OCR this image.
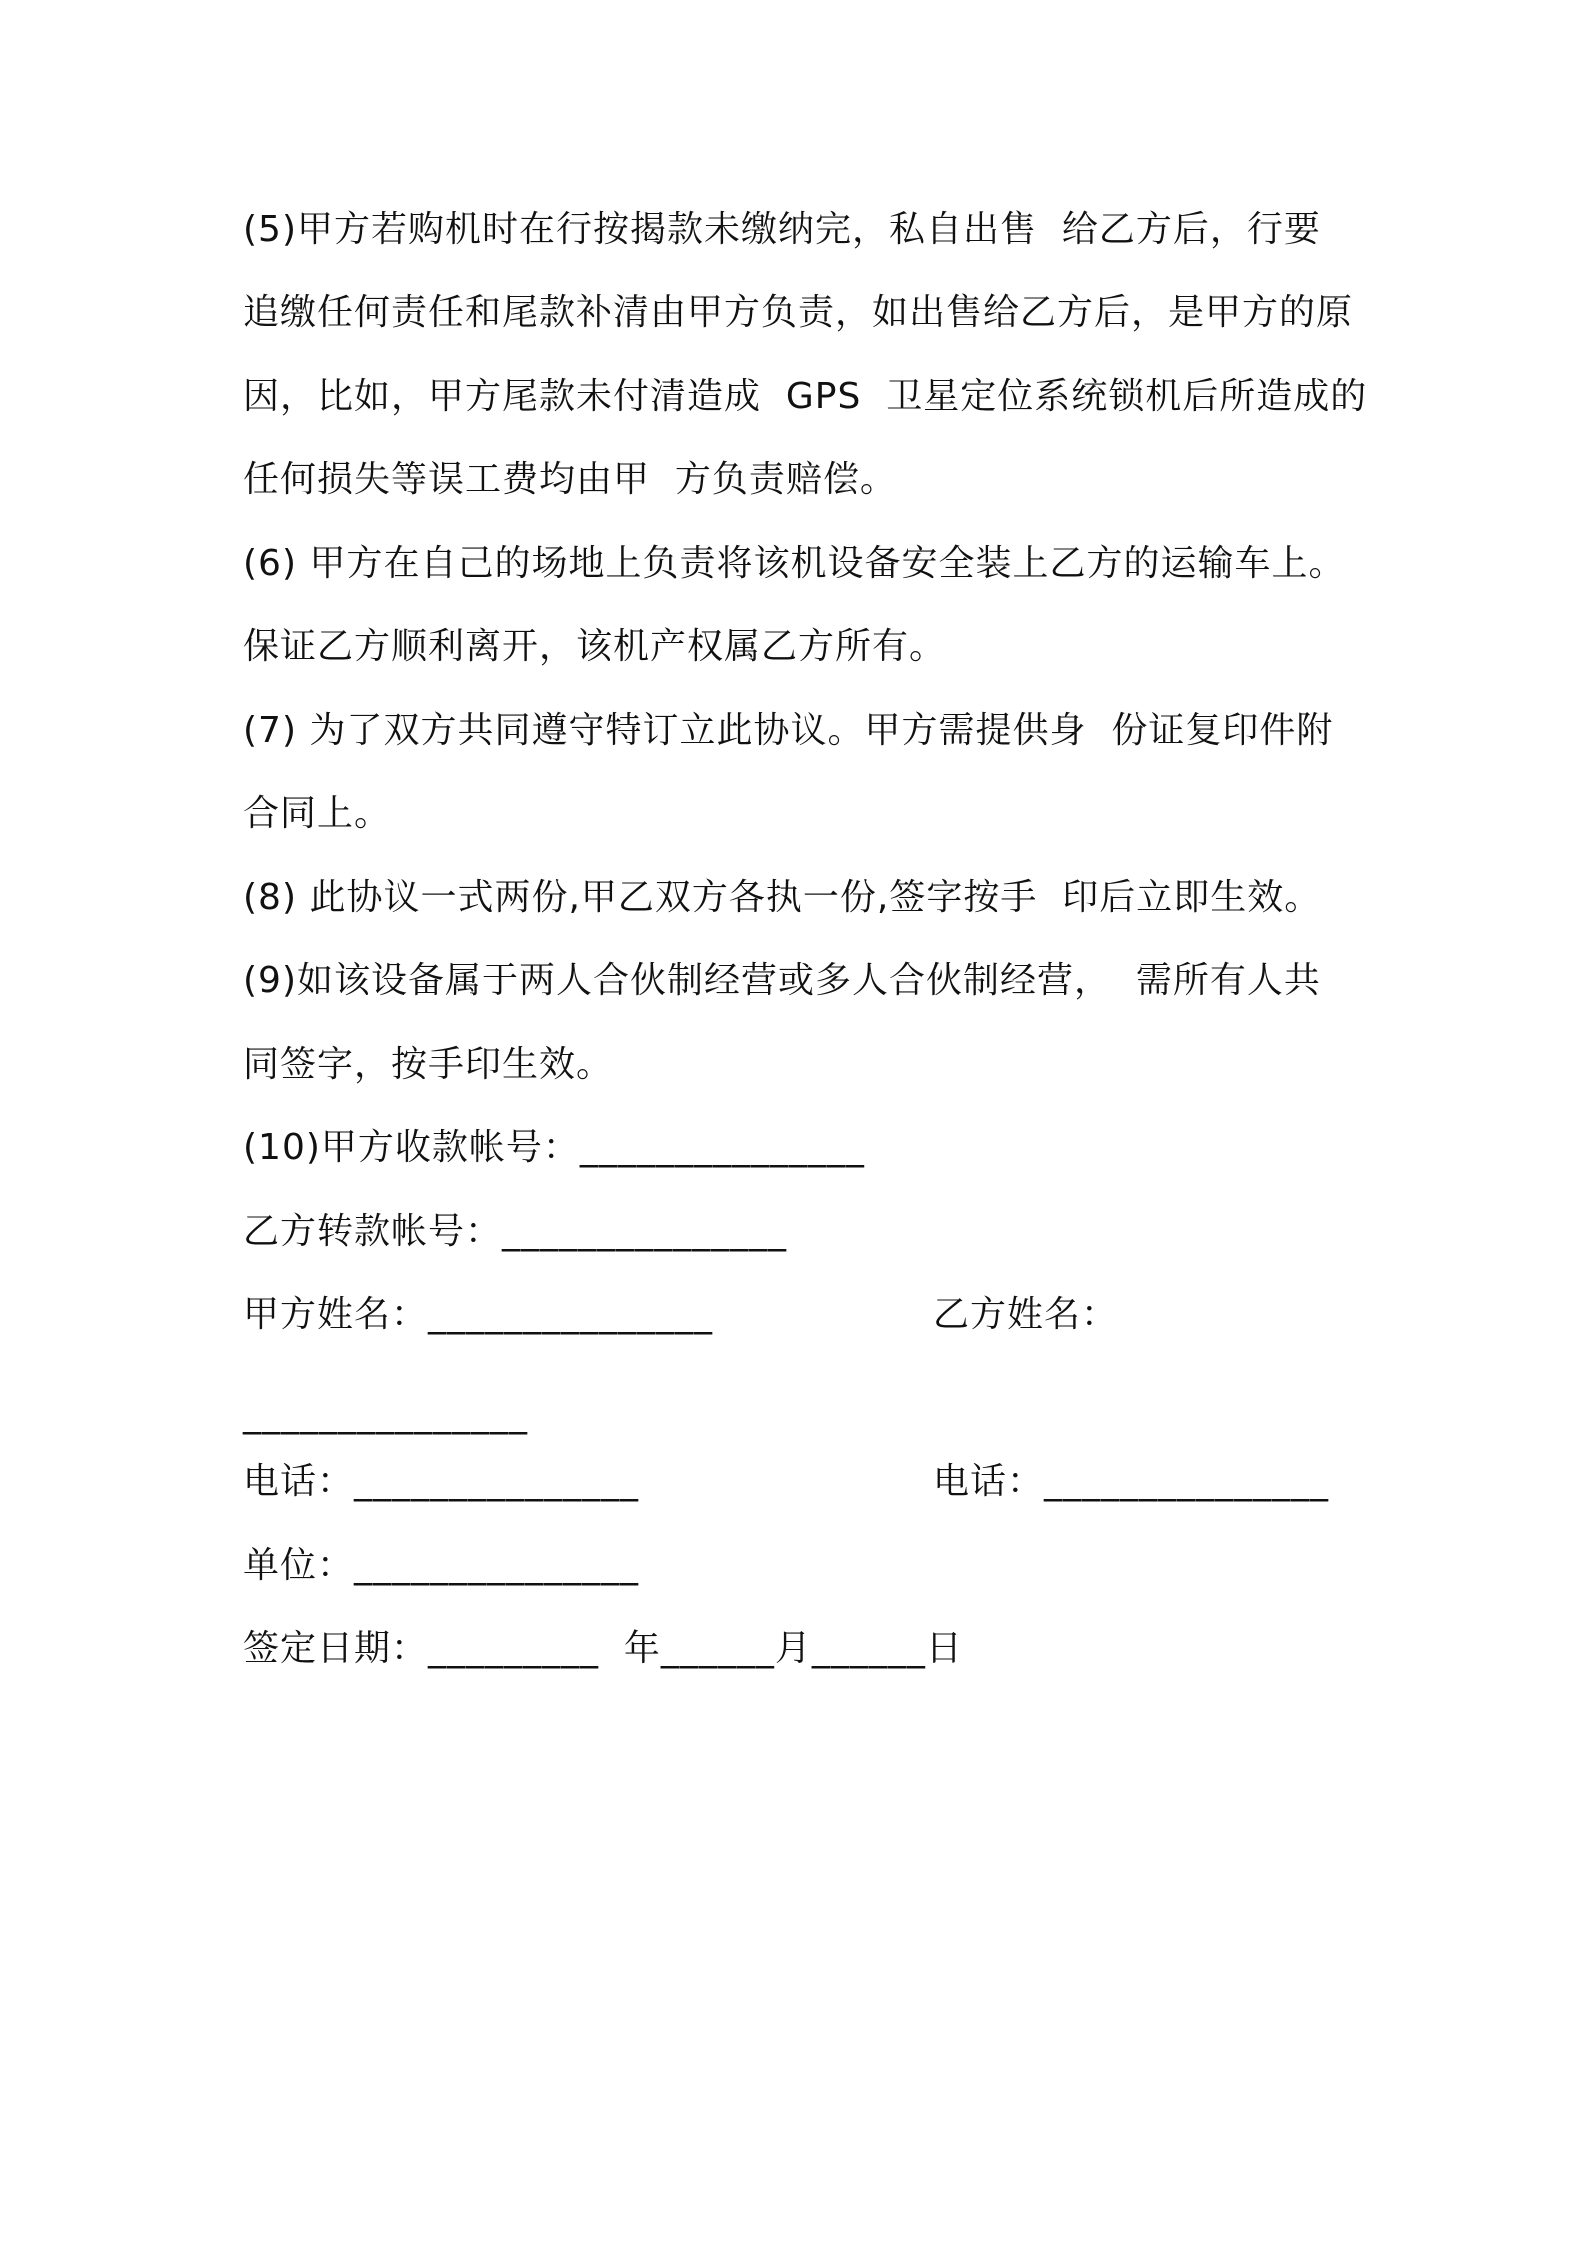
(5)甲方若购机时在行按揭款未缴纳完，私自出售  给乙方后，行要
追缴任何责任和尾款补清由甲方负责，如出售给乙方后，是甲方的原
因，比如，甲方尾款未付清造成  GPS  卫星定位系统锁机后所造成的
任何损失等误工费均由甲  方负责赔偿。
(6) 甲方在自己的场地上负责将该机设备安全装上乙方的运输车上。
保证乙方顺利离开，该机产权属乙方所有。
(7) 为了双方共同遵守特订立此协议。甲方需提供身  份证复印件附
合同上。
(8) 此协议一式两份,甲乙双方各执一份,签字按手  印后立即生效。
(9)如该设备属于两人合伙制经营或多人合伙制经营，  需所有人共
同签字，按手印生效。
(10)甲方收款帐号：_______________
乙方转款帐号：_______________
甲方姓名：_______________	乙方姓名：
_______________
电话：_______________	电话：_______________
单位：_______________
签定日期：_________  年______月______日
